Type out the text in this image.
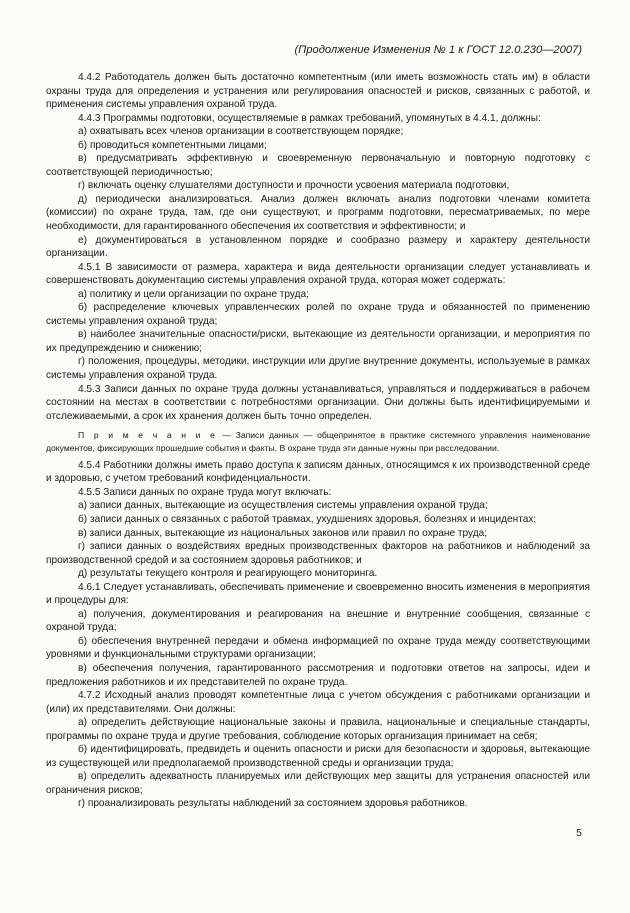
(Продолжение Изменения № 1 к ГОСТ 12.0.230—2007)

4.4.2 Работодатель должен быть достаточно компетентным (или иметь возможность стать им) в области охраны труда для определения и устранения или регулирования опасностей и рисков, связанных с работой, и применения системы управления охраной труда.

4.4.3 Программы подготовки, осуществляемые в рамках требований, упомянутых в 4.4.1, должны:

а) охватывать всех членов организации в соответствующем порядке;

б) проводиться компетентными лицами;

в) предусматривать эффективную и своевременную первоначальную и повторную подготовку с соответствующей периодичностью;

г) включать оценку слушателями доступности и прочности усвоения материала подготовки,

д) периодически анализироваться. Анализ должен включать анализ подготовки членами комитета (комиссии) по охране труда, там, где они существуют, и программ подготовки, пересматриваемых, по мере необходимости, для гарантированного обеспечения их соответствия и эффективности; и

е) документироваться в установленном порядке и сообразно размеру и характеру деятельности организации.

4.5.1 В зависимости от размера, характера и вида деятельности организации следует устанавливать и совершенствовать документацию системы управления охраной труда, которая может содержать:

а) политику и цели организации по охране труда;

б) распределение ключевых управленческих ролей по охране труда и обязанностей по применению системы управления охраной труда;

в) наиболее значительные опасности/риски, вытекающие из деятельности организации, и мероприятия по их предупреждению и снижению;

г) положения, процедуры, методики, инструкции или другие внутренние документы, используемые в рамках системы управления охраной труда.

4.5.3 Записи данных по охране труда должны устанавливаться, управляться и поддерживаться в рабочем состоянии на местах в соответствии с потребностями организации. Они должны быть идентифицируемыми и отслеживаемыми, а срок их хранения должен быть точно определен.

П р и м е ч а н и е — Записи данных — общепринятое в практике системного управления наименование документов, фиксирующих прошедшие события и факты. В охране труда эти данные нужны при расследовании.

4.5.4 Работники должны иметь право доступа к записям данных, относящимся к их производственной среде и здоровью, с учетом требований конфиденциальности.

4.5.5 Записи данных по охране труда могут включать:

а) записи данных, вытекающие из осуществления системы управления охраной труда;

б) записи данных о связанных с работой травмах, ухудшениях здоровья, болезнях и инцидентах;

в) записи данных, вытекающие из национальных законов или правил по охране труда;

г) записи данных о воздействиях вредных производственных факторов на работников и наблюдений за производственной средой и за состоянием здоровья работников; и

д) результаты текущего контроля и реагирующего мониторинга.

4.6.1 Следует устанавливать, обеспечивать применение и своевременно вносить изменения в мероприятия и процедуры для:

а) получения, документирования и реагирования на внешние и внутренние сообщения, связанные с охраной труда;

б) обеспечения внутренней передачи и обмена информацией по охране труда между соответствующими уровнями и функциональными структурами организации;

в) обеспечения получения, гарантированного рассмотрения и подготовки ответов на запросы, идеи и предложения работников и их представителей по охране труда.

4.7.2 Исходный анализ проводят компетентные лица с учетом обсуждения с работниками организации и (или) их представителями. Они должны:

а) определить действующие национальные законы и правила, национальные и специальные стандарты, программы по охране труда и другие требования, соблюдение которых организация принимает на себя;

б) идентифицировать, предвидеть и оценить опасности и риски для безопасности и здоровья, вытекающие из существующей или предполагаемой производственной среды и организации труда;

в) определить адекватность планируемых или действующих мер защиты для устранения опасностей или ограничения рисков;

г) проанализировать результаты наблюдений за состоянием здоровья работников.

5
